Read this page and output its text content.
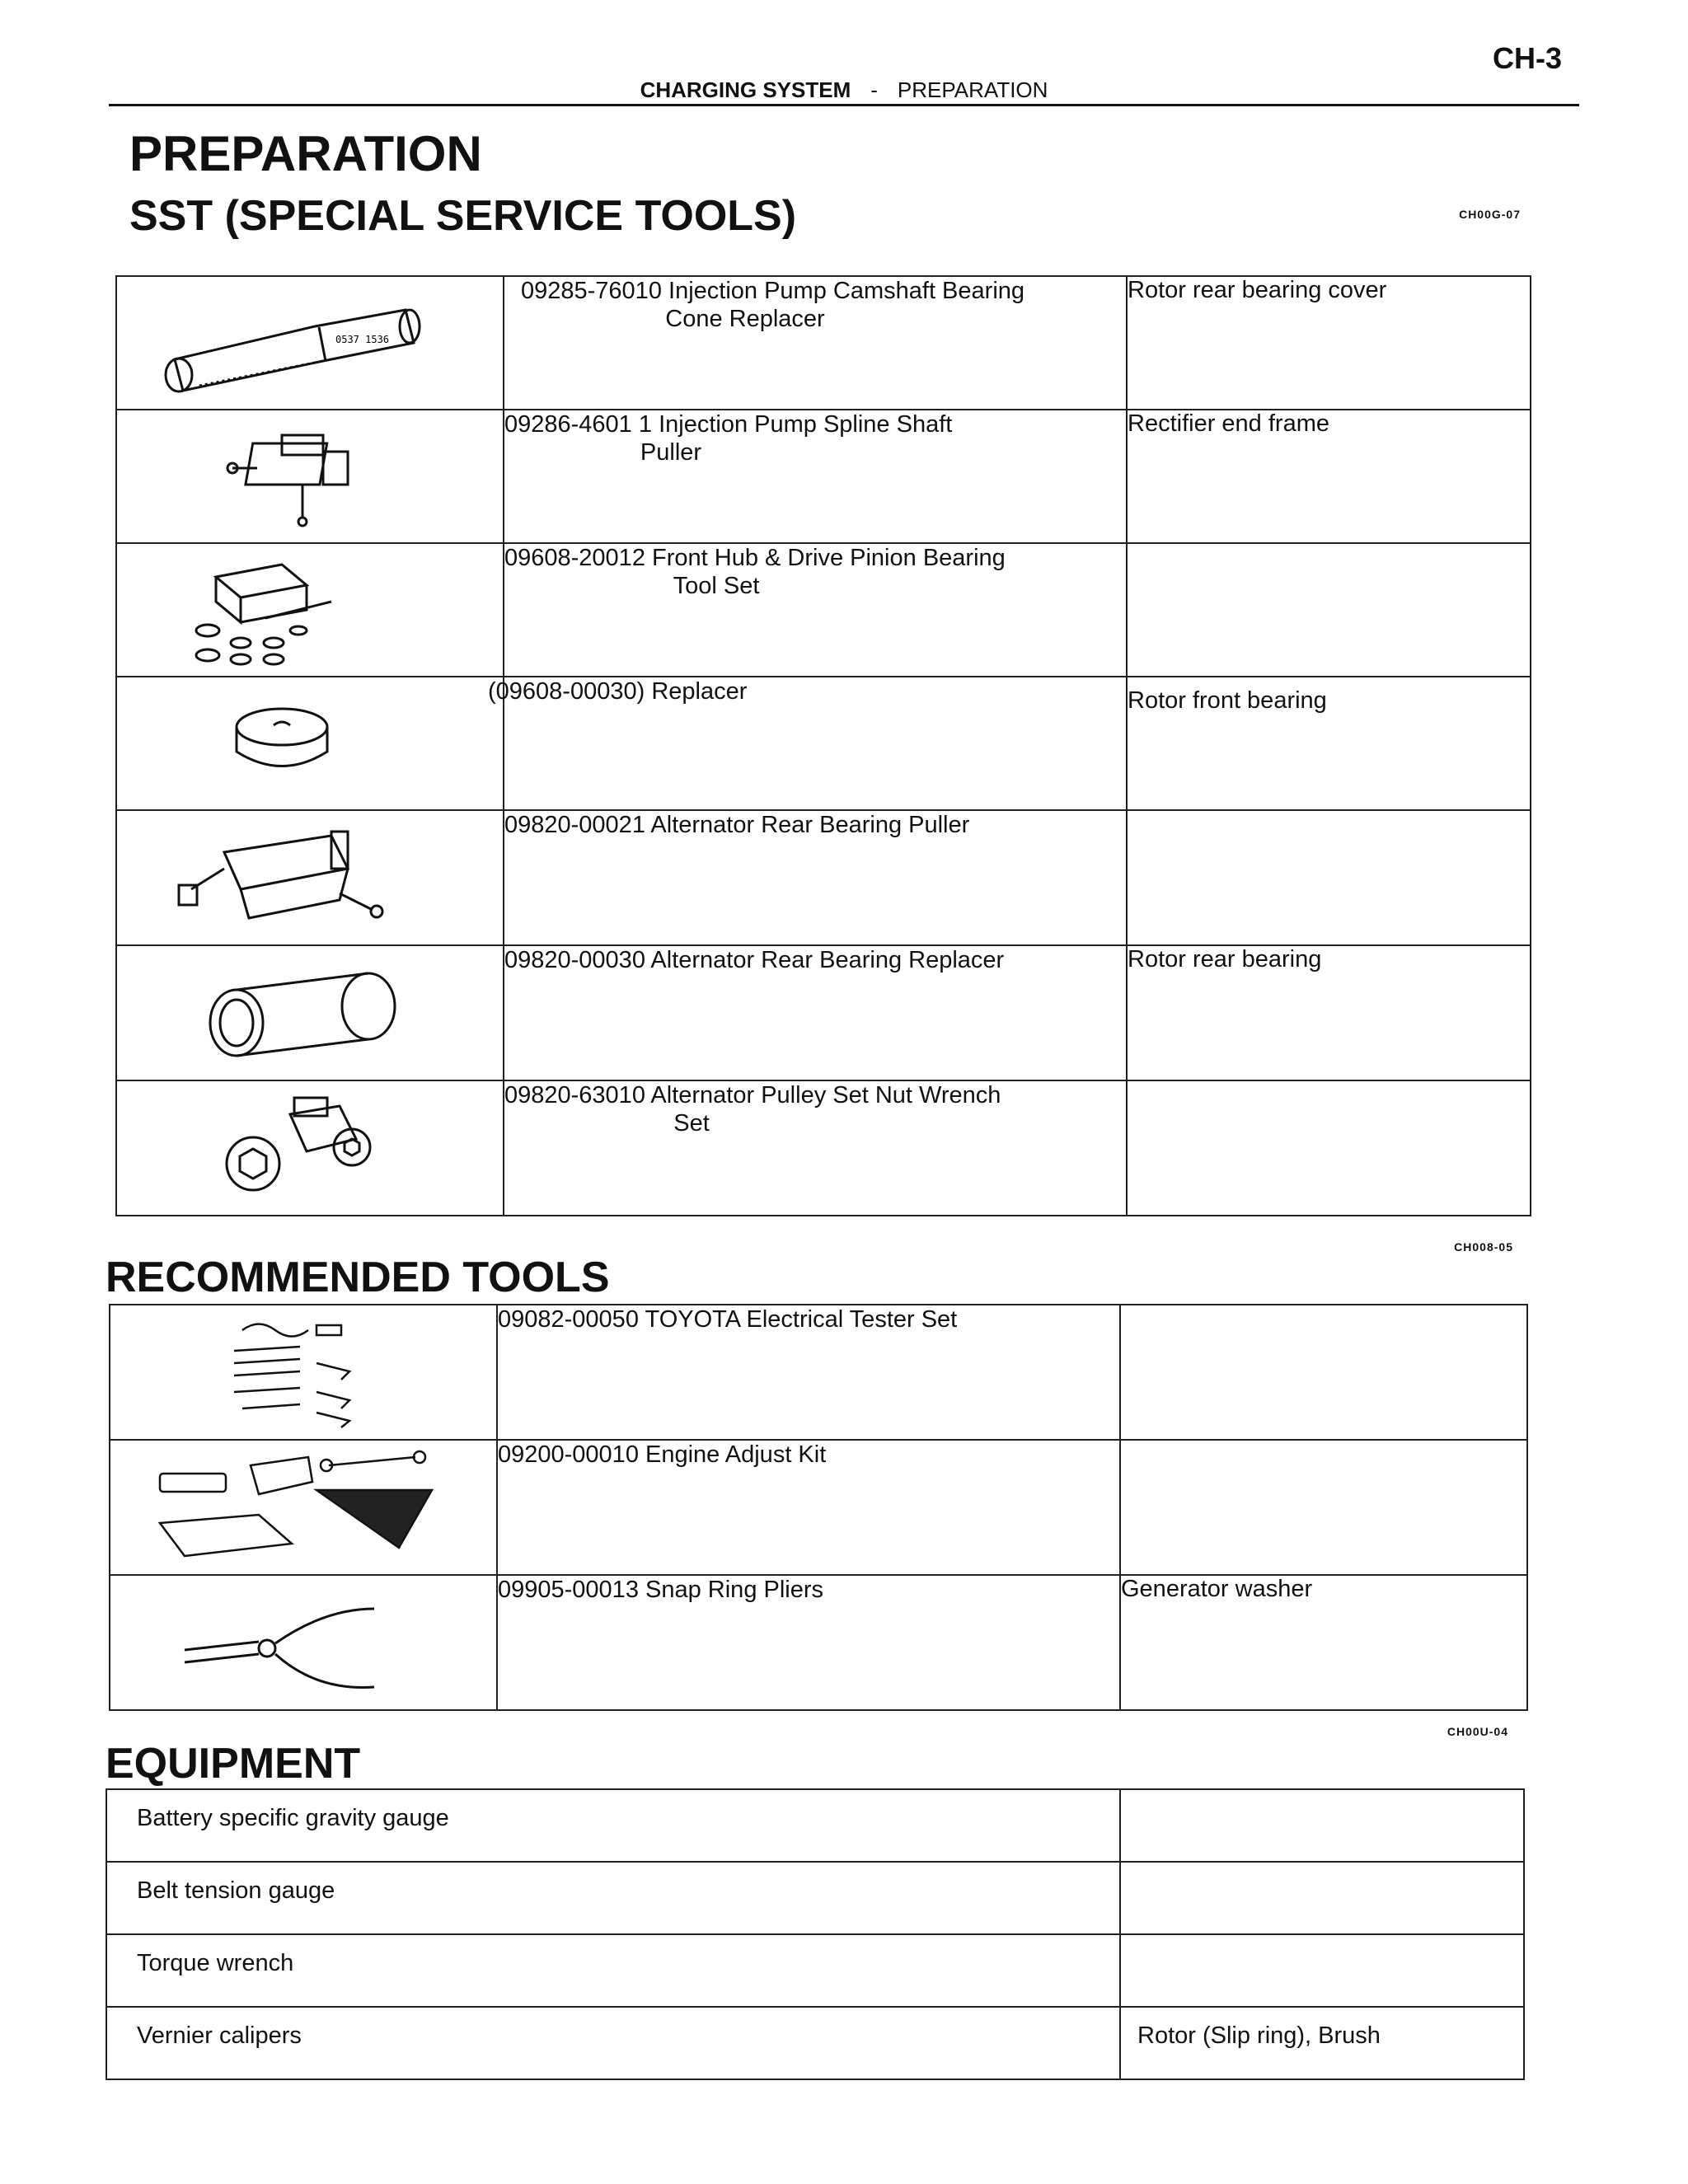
CH-3
CHARGING SYSTEM - PREPARATION
PREPARATION
SST (SPECIAL SERVICE TOOLS)	CH00G-07
0537 1536	09285-76010 Injection Pump Camshaft Bearing
Cone Replacer	Rotor rear bearing cover

09286-4601 1 Injection Pump Spline Shaft
Puller	Rectifier end frame

09608-20012 Front Hub & Drive Pinion Bearing
Tool Set	

(09608-00030) Replacer	Rotor front bearing

09820-00021 Alternator Rear Bearing Puller	

09820-00030 Alternator Rear Bearing Replacer	Rotor rear bearing

09820-63010 Alternator Pulley Set Nut Wrench
Set	

RECOMMENDED TOOLS
CH008-05

09082-00050 TOYOTA Electrical Tester Set	

09200-00010 Engine Adjust Kit	

09905-00013 Snap Ring Pliers	Generator washer
EQUIPMENT
CH00U-04
Battery specific gravity gauge	
Belt tension gauge	
Torque wrench	
Vernier calipers	Rotor (Slip ring), Brush
